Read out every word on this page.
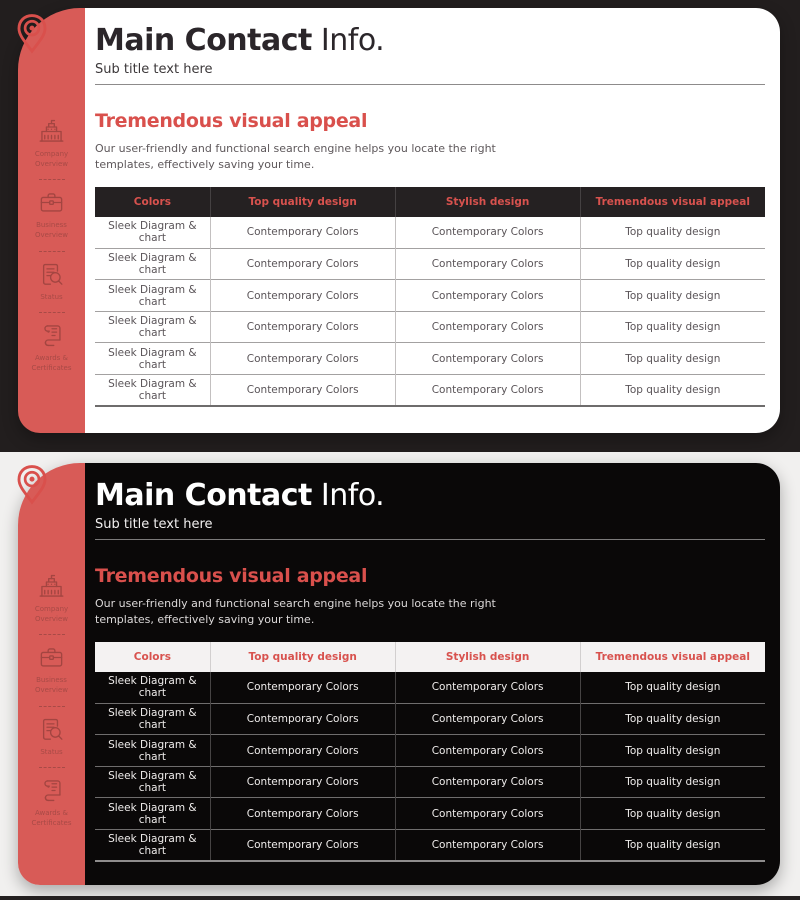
Company Overview
Business Overview
Status
Awards & Certificates
Main Contact Info.
Sub title text here
Tremendous visual appeal

Our user-friendly and functional search engine helps you locate the right
templates, effectively saving your time.

Colors	Top quality design	Stylish design	Tremendous visual appeal
Sleek Diagram & chart	Contemporary Colors	Contemporary Colors	Top quality design
Sleek Diagram & chart	Contemporary Colors	Contemporary Colors	Top quality design
Sleek Diagram & chart	Contemporary Colors	Contemporary Colors	Top quality design
Sleek Diagram & chart	Contemporary Colors	Contemporary Colors	Top quality design
Sleek Diagram & chart	Contemporary Colors	Contemporary Colors	Top quality design
Sleek Diagram & chart	Contemporary Colors	Contemporary Colors	Top quality design
Company Overview
Business Overview
Status
Awards & Certificates
Main Contact Info.
Sub title text here
Tremendous visual appeal

Our user-friendly and functional search engine helps you locate the right
templates, effectively saving your time.

Colors	Top quality design	Stylish design	Tremendous visual appeal
Sleek Diagram & chart	Contemporary Colors	Contemporary Colors	Top quality design
Sleek Diagram & chart	Contemporary Colors	Contemporary Colors	Top quality design
Sleek Diagram & chart	Contemporary Colors	Contemporary Colors	Top quality design
Sleek Diagram & chart	Contemporary Colors	Contemporary Colors	Top quality design
Sleek Diagram & chart	Contemporary Colors	Contemporary Colors	Top quality design
Sleek Diagram & chart	Contemporary Colors	Contemporary Colors	Top quality design
